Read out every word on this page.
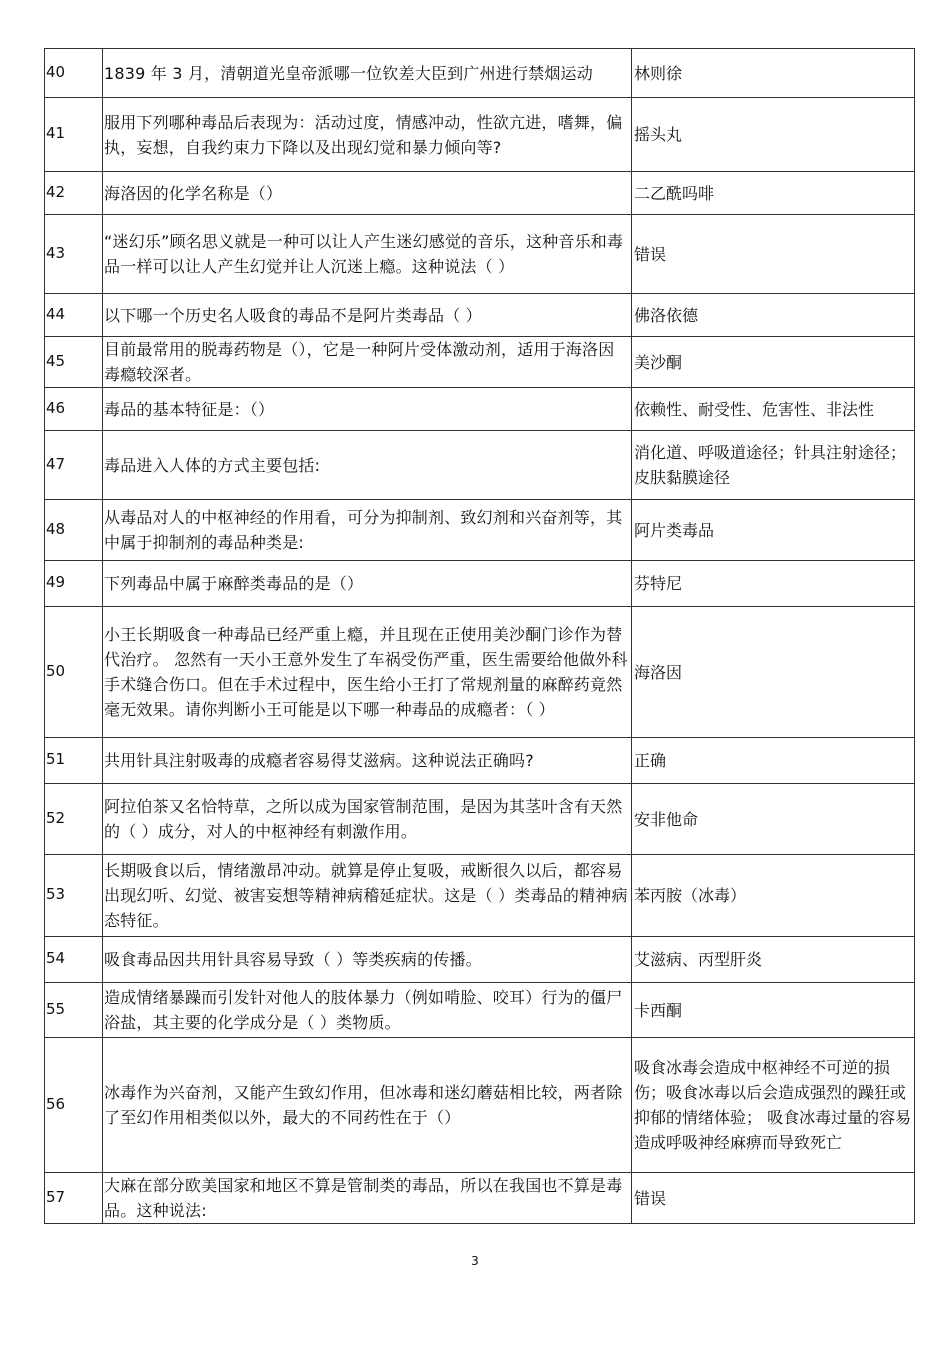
40	1839 年 3 月，清朝道光皇帝派哪一位钦差大臣到广州进行禁烟运动	林则徐
41	服用下列哪种毒品后表现为：活动过度，情感冲动，性欲亢进，嗜舞，偏执，妄想，自我约束力下降以及出现幻觉和暴力倾向等?	摇头丸
42	海洛因的化学名称是（）	二乙酰吗啡
43	“迷幻乐”顾名思义就是一种可以让人产生迷幻感觉的音乐，这种音乐和毒品一样可以让人产生幻觉并让人沉迷上瘾。这种说法（ ）	错误
44	以下哪一个历史名人吸食的毒品不是阿片类毒品（ ）	佛洛依德
45	目前最常用的脱毒药物是（），它是一种阿片受体激动剂，适用于海洛因毒瘾较深者。	美沙酮
46	毒品的基本特征是：（）	依赖性、耐受性、危害性、非法性
47	毒品进入人体的方式主要包括:	消化道、呼吸道途径；针具注射途径；皮肤黏膜途径
48	从毒品对人的中枢神经的作用看，可分为抑制剂、致幻剂和兴奋剂等，其中属于抑制剂的毒品种类是:	阿片类毒品
49	下列毒品中属于麻醉类毒品的是（）	芬特尼
50	小王长期吸食一种毒品已经严重上瘾，并且现在正使用美沙酮门诊作为替代治疗。 忽然有一天小王意外发生了车祸受伤严重，医生需要给他做外科手术缝合伤口。但在手术过程中，医生给小王打了常规剂量的麻醉药竟然毫无效果。请你判断小王可能是以下哪一种毒品的成瘾者：（ ）	海洛因
51	共用针具注射吸毒的成瘾者容易得艾滋病。这种说法正确吗?	正确
52	阿拉伯茶又名恰特草，之所以成为国家管制范围，是因为其茎叶含有天然的（ ）成分，对人的中枢神经有刺激作用。	安非他命
53	长期吸食以后，情绪激昂冲动。就算是停止复吸，戒断很久以后，都容易出现幻听、幻觉、被害妄想等精神病稽延症状。这是（ ）类毒品的精神病态特征。	苯丙胺（冰毒）
54	吸食毒品因共用针具容易导致（ ）等类疾病的传播。	艾滋病、丙型肝炎
55	造成情绪暴躁而引发针对他人的肢体暴力（例如啃脸、咬耳）行为的僵尸浴盐，其主要的化学成分是（ ）类物质。	卡西酮
56	冰毒作为兴奋剂，又能产生致幻作用，但冰毒和迷幻蘑菇相比较，两者除了至幻作用相类似以外，最大的不同药性在于（）	吸食冰毒会造成中枢神经不可逆的损伤；吸食冰毒以后会造成强烈的躁狂或抑郁的情绪体验； 吸食冰毒过量的容易造成呼吸神经麻痹而导致死亡
57	大麻在部分欧美国家和地区不算是管制类的毒品，所以在我国也不算是毒品。这种说法:	错误
3
